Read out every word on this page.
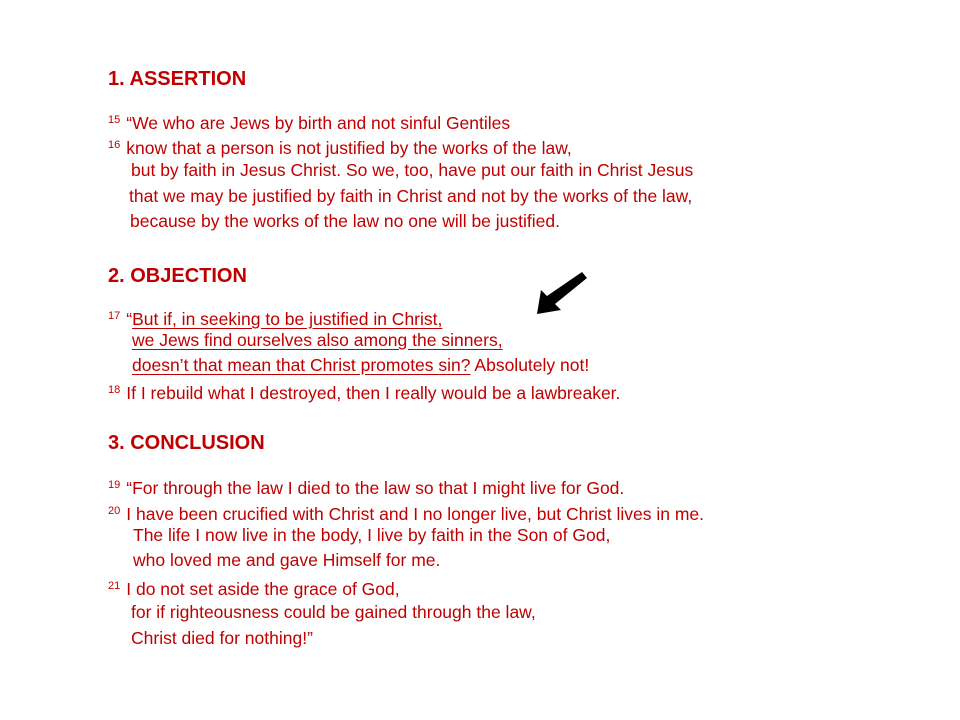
1. ASSERTION
$^{15}$ “We who are Jews by birth and not sinful Gentiles
$^{16}$ know that a person is not justified by the works of the law,
but by faith in Jesus Christ. So we, too, have put our faith in Christ Jesus
that we may be justified by faith in Christ and not by the works of the law,
because by the works of the law no one will be justified.
2. OBJECTION
$^{17}$ “But if, in seeking to be justified in Christ,
we Jews find ourselves also among the sinners,
doesn’t that mean that Christ promotes sin? Absolutely not!
$^{18}$ If I rebuild what I destroyed, then I really would be a lawbreaker.
3. CONCLUSION
$^{19}$ “For through the law I died to the law so that I might live for God.
$^{20}$ I have been crucified with Christ and I no longer live, but Christ lives in me.
The life I now live in the body, I live by faith in the Son of God,
who loved me and gave Himself for me.
$^{21}$ I do not set aside the grace of God,
for if righteousness could be gained through the law,
Christ died for nothing!”
